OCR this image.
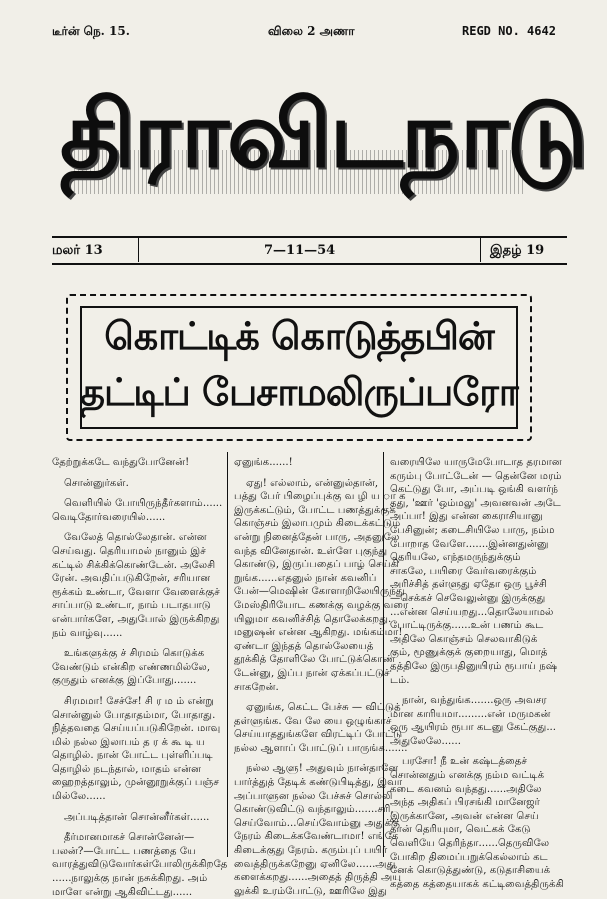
டீர்ன் நெ. 15.	விலை 2 அணா	REGD NO. 4642
திராவிடநாடு
மலர் 13	7—11—54	இதழ் 19
கொட்டிக் கொடுத்தபின்
தட்டிப் பேசாமலிருப்பரோ

தேற்றுக்கடே வந்துபோனேன்!

சொன்னுர்கள்.

வெளியில் போயிருந்தீர்களாம்......

வெடிதோர்வரையில்......

வேலேத் தொல்லேதான். என்ன

செய்வது. தெரியாமல் நானும் இச்

கட்டில் சிக்கிக்கொண்டேன். அலேசி

ரேன். அவதிப்படுகிறேன், சரியான

ரூக்கம் உண்டா, வேளா வேளைக்குச்

சாப்பாடு உண்டா, நாம் படாதபாடு

என்பார்களே, அதுபோல் இருக்கிறது

நம் வாழ்வு......

உங்களுக்கு ச் சிரமம் கொடுக்க

வேண்டும் என்கிற எண்ணமில்லே,

குருதும் எனக்கு இப்போது.......

சிரமமா! சேச்சே! சி ர ம ம் என்று

சொன்னுல் போதாதம்மா, போதாது.

நித்தவதை செய்யப்படுகிறேன். மாவு

மில் நல்ல இலாபம் த ர க் கூ டி ய

தொழில். நான் போட்ட புள்ளிப்படி

தொழில் நடந்தால், மாதம் என்ன

ஹைறத்தாலும், முன்னூறுக்குப் பஞ்ச

மில்லே......

அப்படித்தான் சொன்னீர்கள்......

தீர்மானமாகச் சொன்னேன்—

பலன்?—போட்ட பணத்தை யே

வாரத்துவிடுவோர்கள்போலிருக்கிறதே

......நாலுக்கு நான் நசுக்கிறது. அம்

மாளே என்று ஆகிவிட்டது......

ஏனுங்க......!

ஏது! எல்லாம், என்னுல்தான்,

பத்து பேர் பிழைப்புக்கு வ ழி ய ா க

இருக்கட்டும், போட்ட பணத்துக்குக்

கொஞ்சம் இலாபமும் கிடைக்கட்டும்

என்று நினைத்தேன் பாரு, அதனுலே

வந்த வினேதான். உள்ளே புகுந்து

கொண்டு, இருப்பதைப் பாழ் செய்கி

றுங்க......எதனுல் நான் கவனிப்

பேன்—மெஷின் கோளாறிலேயிருந்து

மேஸ்திரியோட கணக்கு வழக்கு வரை

யிலுமா கவனிச்சித் தொலேக்கறது.

மனுஷன் என்ன ஆகிறது. மங்கம்மா!

ஏண்டா இந்தத் தொல்லேயைத்

தூக்கித் தோளிலே போட்டுக்கொண்

டேன்னு, இப்ப நான் ஏக்கப்பட்டுச்

சாகறேன்.

ஏனுங்க, கெட்ட பேச்சு — விட்டுத்

தள்ளுங்க. வே லே யை ஒழுங்காச்

செய்யாததுங்களே விரட்டிப் போட்டு

நல்ல ஆளாப் போட்டுப் பாருங்க.......

நல்ல ஆளு! அதுவும் நான்தானே

பார்த்துத் தேடிக் கண்டுபிடித்து, இவா

அப்பாளுன நல்ல பேச்சுச் சொல்லி

கொண்டுவிட்டு வந்தாலும்.......சரி,

செய்வோம்...செய்வோம்னு அதுக்கு

நேரம் கிடைக்கவேண்டாமா! எங்கே

கிடைக்குது நேரம். கரும்புப் பயிர்

வைத்திருக்கறேனு ஏனிலே......அது

களைக்கறது......அதைத் திருத்தி அய

லுக்கி உரம்போட்டு, ஊரிலே இது

வரையிலே யாருமேபோடாத தரமான

கரும்பு போட்டேன் — தென்னே மரம்

கெட்டுது போ, அப்படி ஒங்கி வளர்ந்

தது, 'ஊர் 'ஒம்மலு' அவனவன் அடே

அப்பா! இது என்ன கைராசியானு

பேசினுன்; கடைசியிலே பாரு, நம்ம

போறாத வேளே.......இன்னதுன்னு

தெரியலே, எந்தமருந்துக்கும்

சாகலே, பயிரை வேர்வரைக்கும்

அரிச்சித் தள்ளுது ஏதோ ஒரு பூச்சி

—செக்கச் செவேலுன்னு இருக்குது

...என்ன செய்யறது...தொலேயாமல்

போட்டிருக்கு......உன் பணம் கூட

அதிலே கொஞ்சம் செலவாகிடுக்

கும், மூணுக்குக் குறையாது, மொத்

தத்திலே இருபதினுயிரம் ரூபாய் நஷ்

டம்.

நான், வந்துங்க.......ஒரு அவசர

மான காரியமா.........என் மருமகன்

ஒரு ஆயிரம் ரூபா கடனு கேட்குது...

அதுலேலே......

பரசோ! நீ உன் கஷ்டத்தைச்

சொன்னதும் எனக்கு நம்ம வட்டிக்

கடை கவனம் வந்தது......அதிலே

அந்த அதிகப் பிரசங்கி மானேஜர்

இருக்கானே, அவன் என்ன செய்

தான் தெரியுமா, வெட்கக் கேடு

வெளியே தெரிந்தா......தெருவிலே

போகிற திமைப்பறுக்கெல்லாம் கட

னேக் கொடுத்துண்டு, கடுதாசியைக்

கத்தை கத்தையாகக் கட்டிவைத்திருக்கி
